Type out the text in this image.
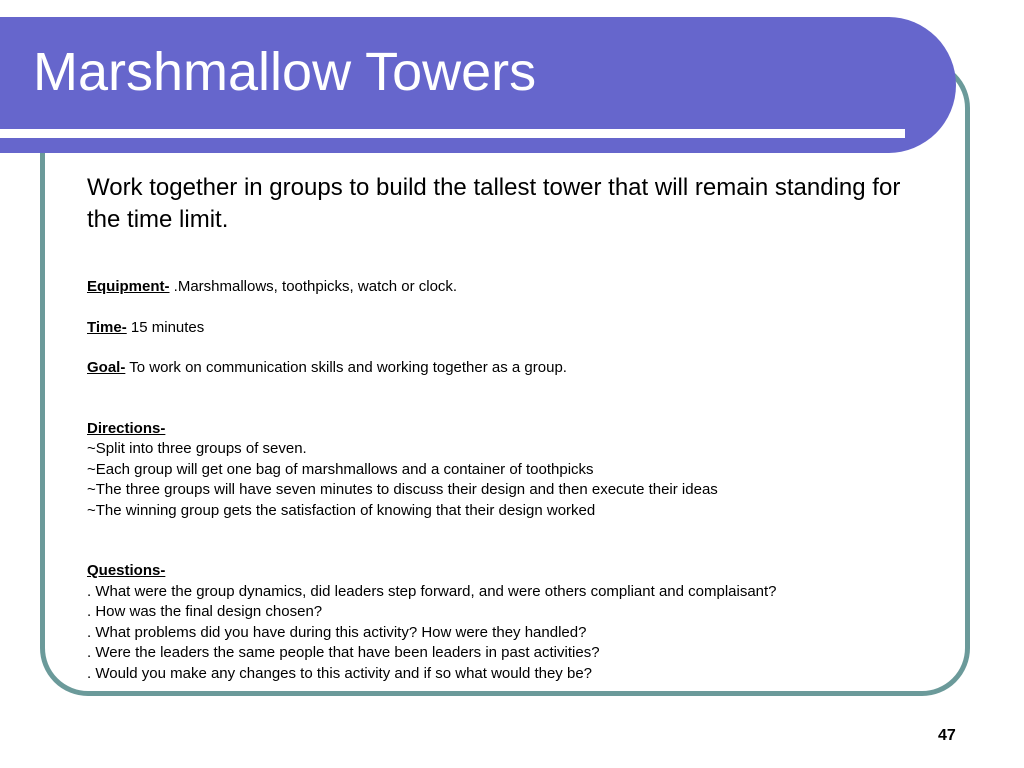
Marshmallow Towers

Work together in groups to build the tallest tower that will remain standing for the time limit.

Equipment- .Marshmallows, toothpicks, watch or clock.

Time- 15 minutes

Goal- To work on communication skills and working together as a group.

Directions-
~Split into three groups of seven.
~Each group will get one bag of marshmallows and a container of toothpicks
~The three groups will have seven minutes to discuss their design and then execute their ideas
~The winning group gets the satisfaction of knowing that their design worked
Questions-
. What were the group dynamics, did leaders step forward, and were others compliant and complaisant?
. How was the final design chosen?
. What problems did you have during this activity? How were they handled?
. Were the leaders the same people that have been leaders in past activities?
. Would you make any changes to this activity and if so what would they be?
47
